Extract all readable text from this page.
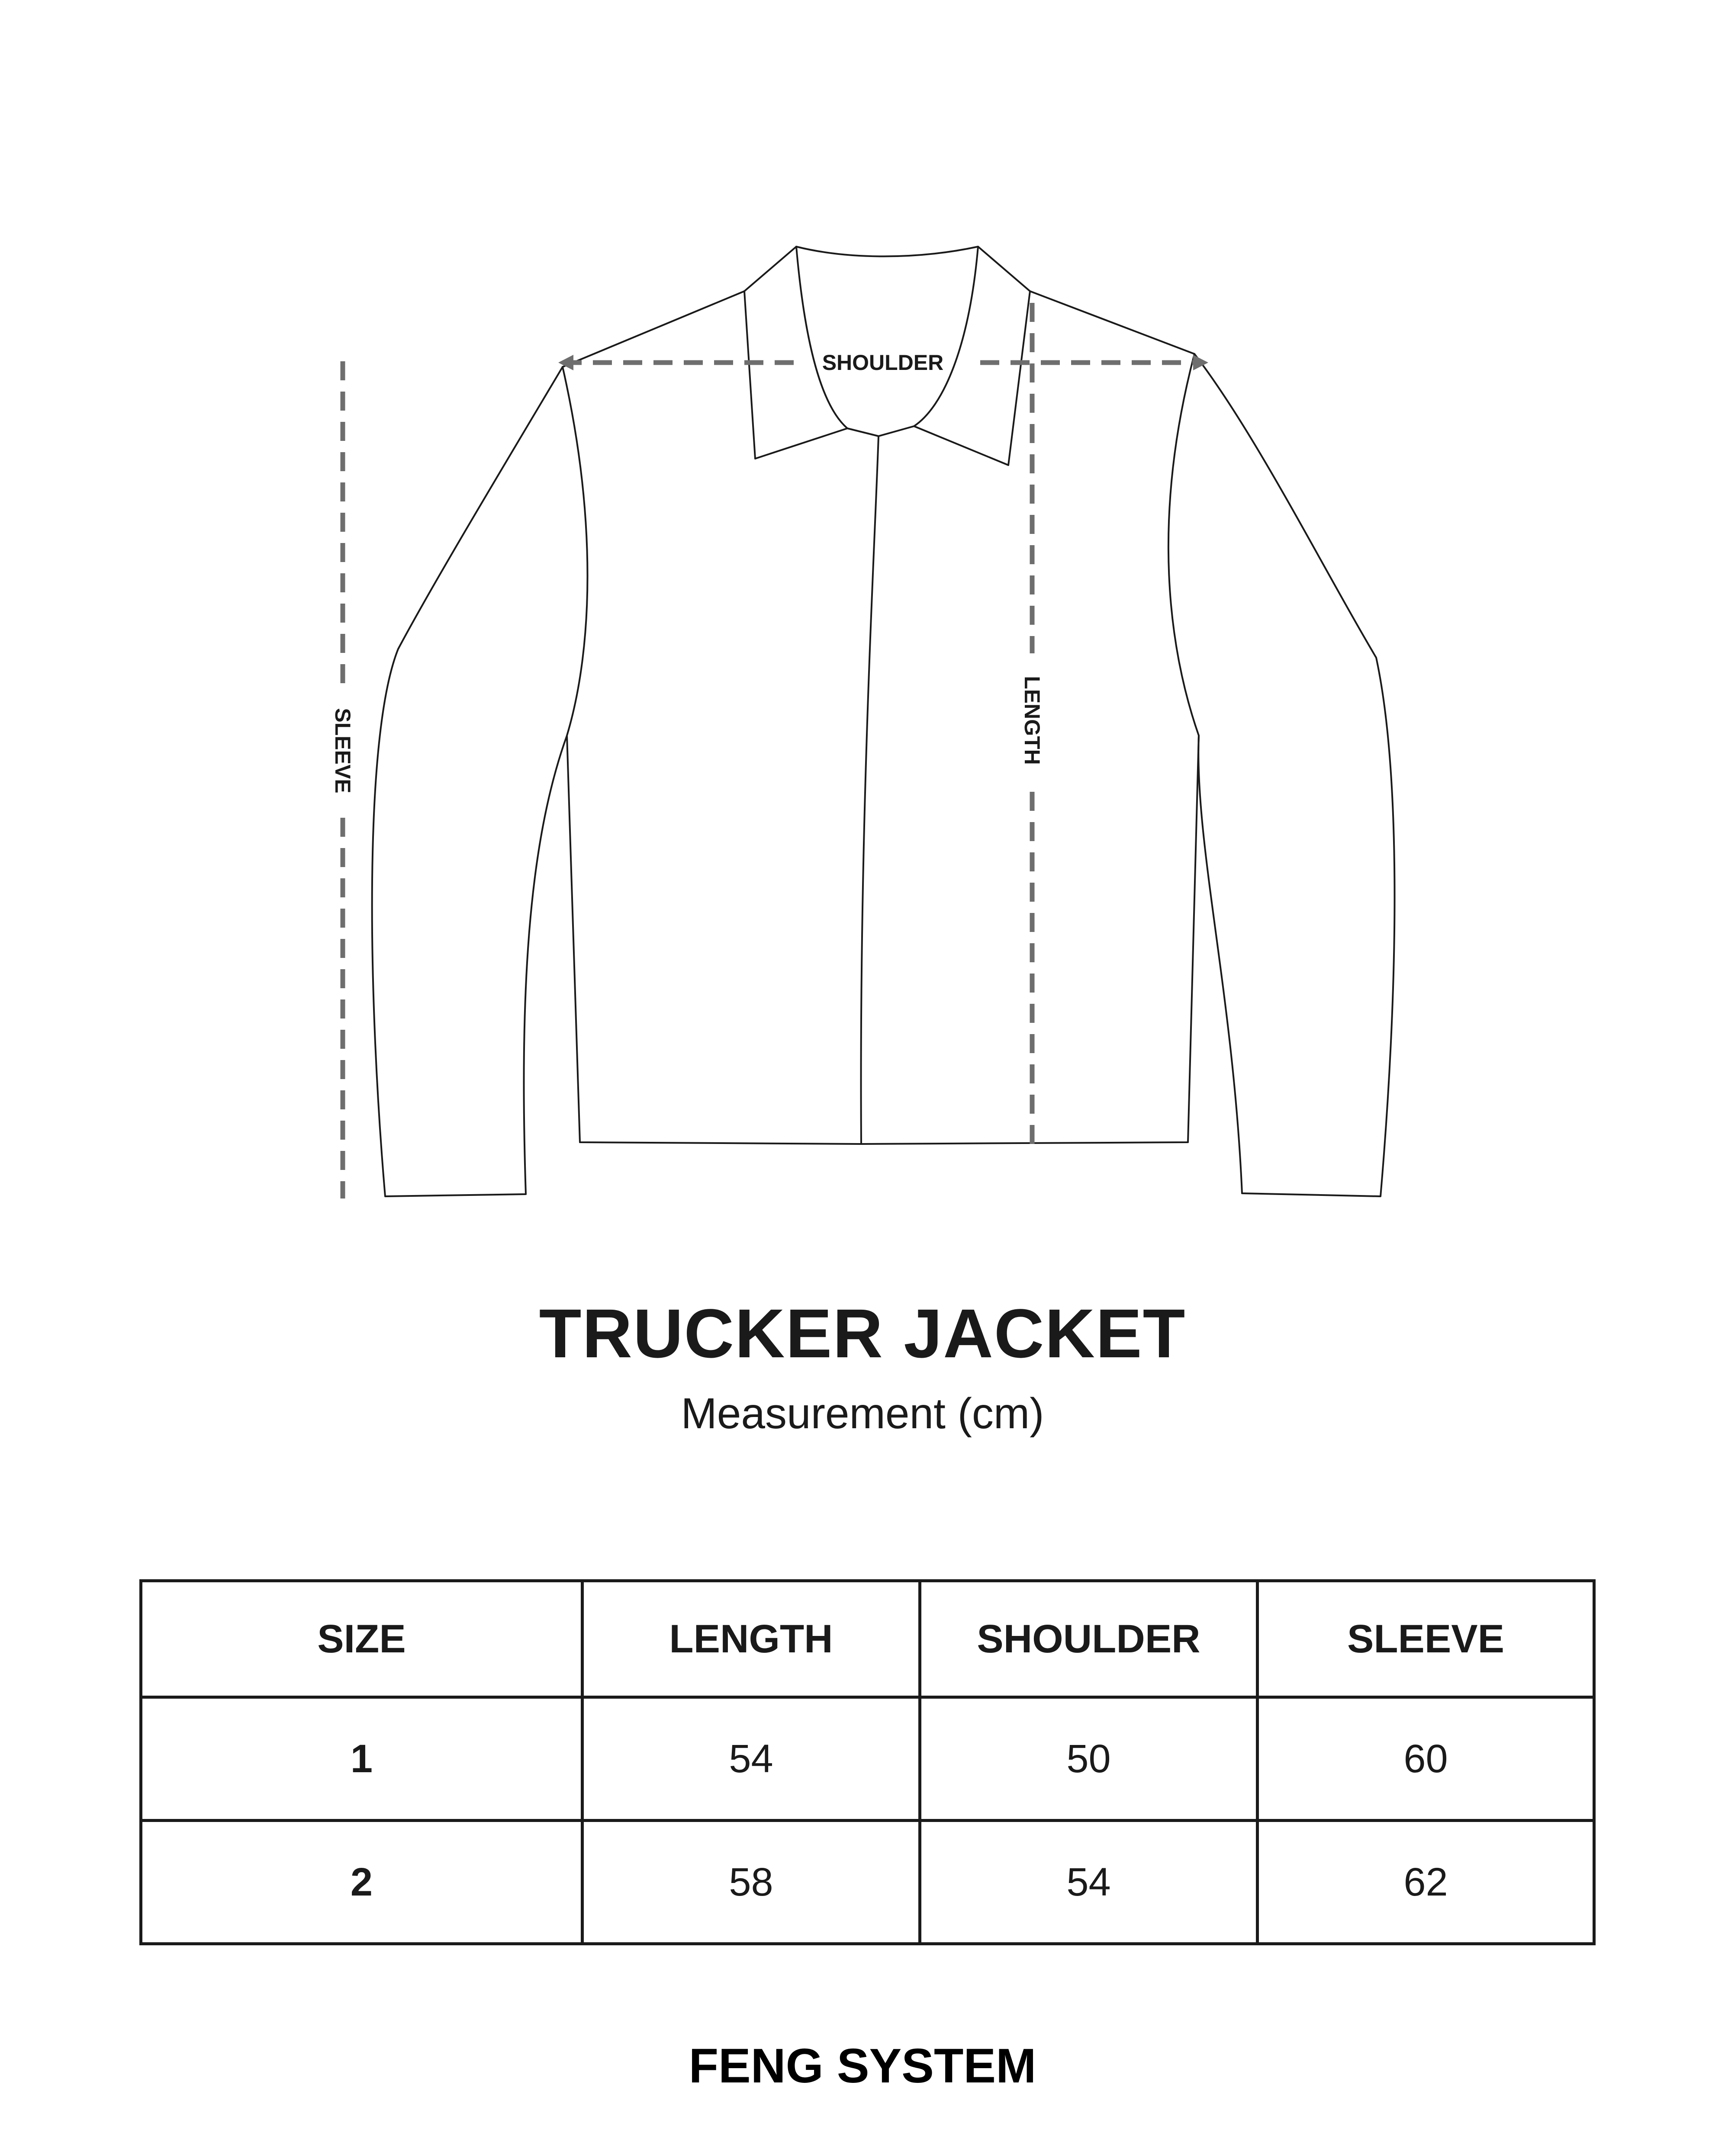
SHOULDER
LENGTH
SLEEVE
TRUCKER JACKET
Measurement (cm)
SIZE	LENGTH	SHOULDER	SLEEVE
1	54	50	60
2	58	54	62
FENG SYSTEM
